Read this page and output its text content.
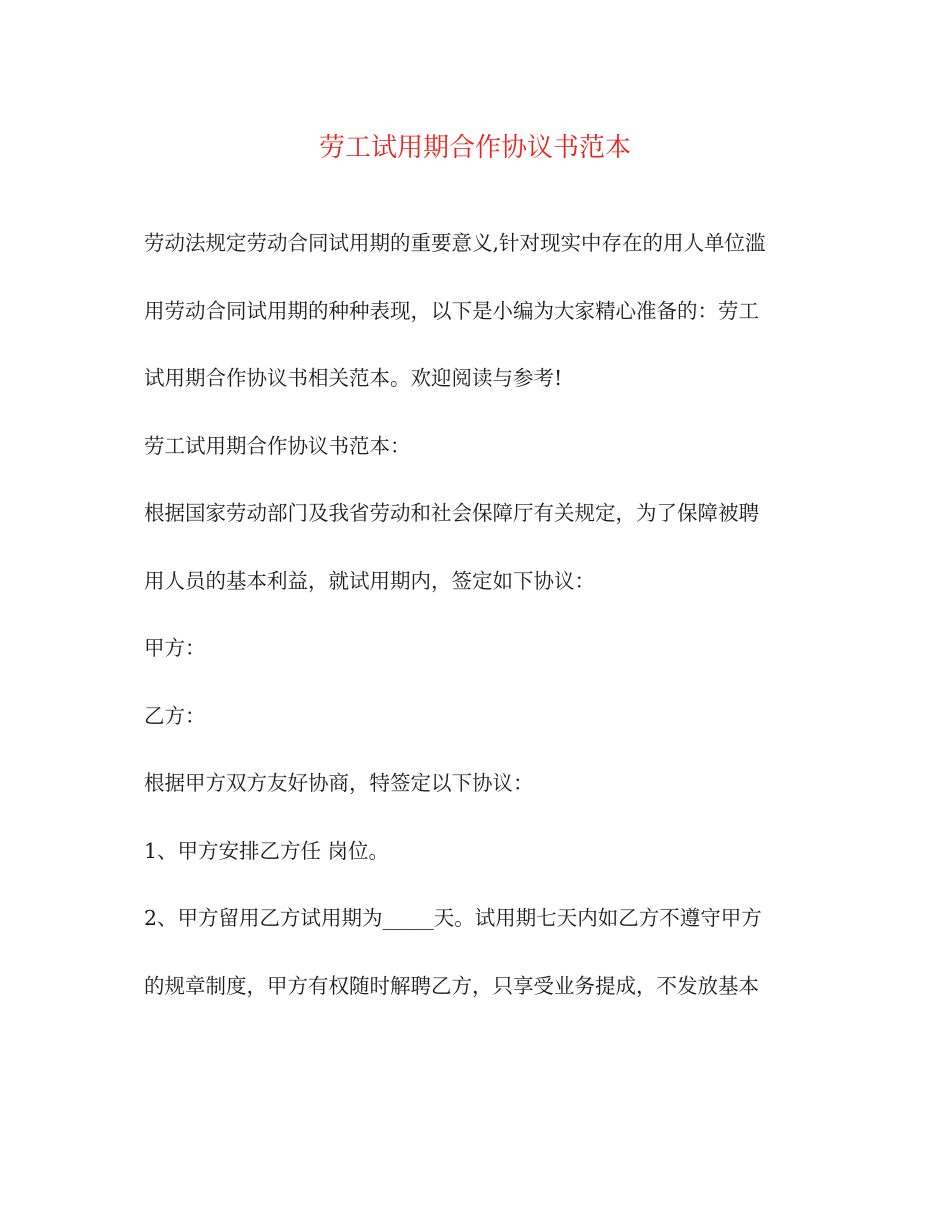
劳工试用期合作协议书范本
劳动法规定劳动合同试用期的重要意义,针对现实中存在的用人单位滥
用劳动合同试用期的种种表现，以下是小编为大家精心准备的：劳工
试用期合作协议书相关范本。欢迎阅读与参考!
劳工试用期合作协议书范本：
根据国家劳动部门及我省劳动和社会保障厅有关规定，为了保障被聘
用人员的基本利益，就试用期内，签定如下协议：
甲方：
乙方：
根据甲方双方友好协商，特签定以下协议：
1、甲方安排乙方任 岗位。
2、甲方留用乙方试用期为_____天。试用期七天内如乙方不遵守甲方
的规章制度，甲方有权随时解聘乙方，只享受业务提成，不发放基本
